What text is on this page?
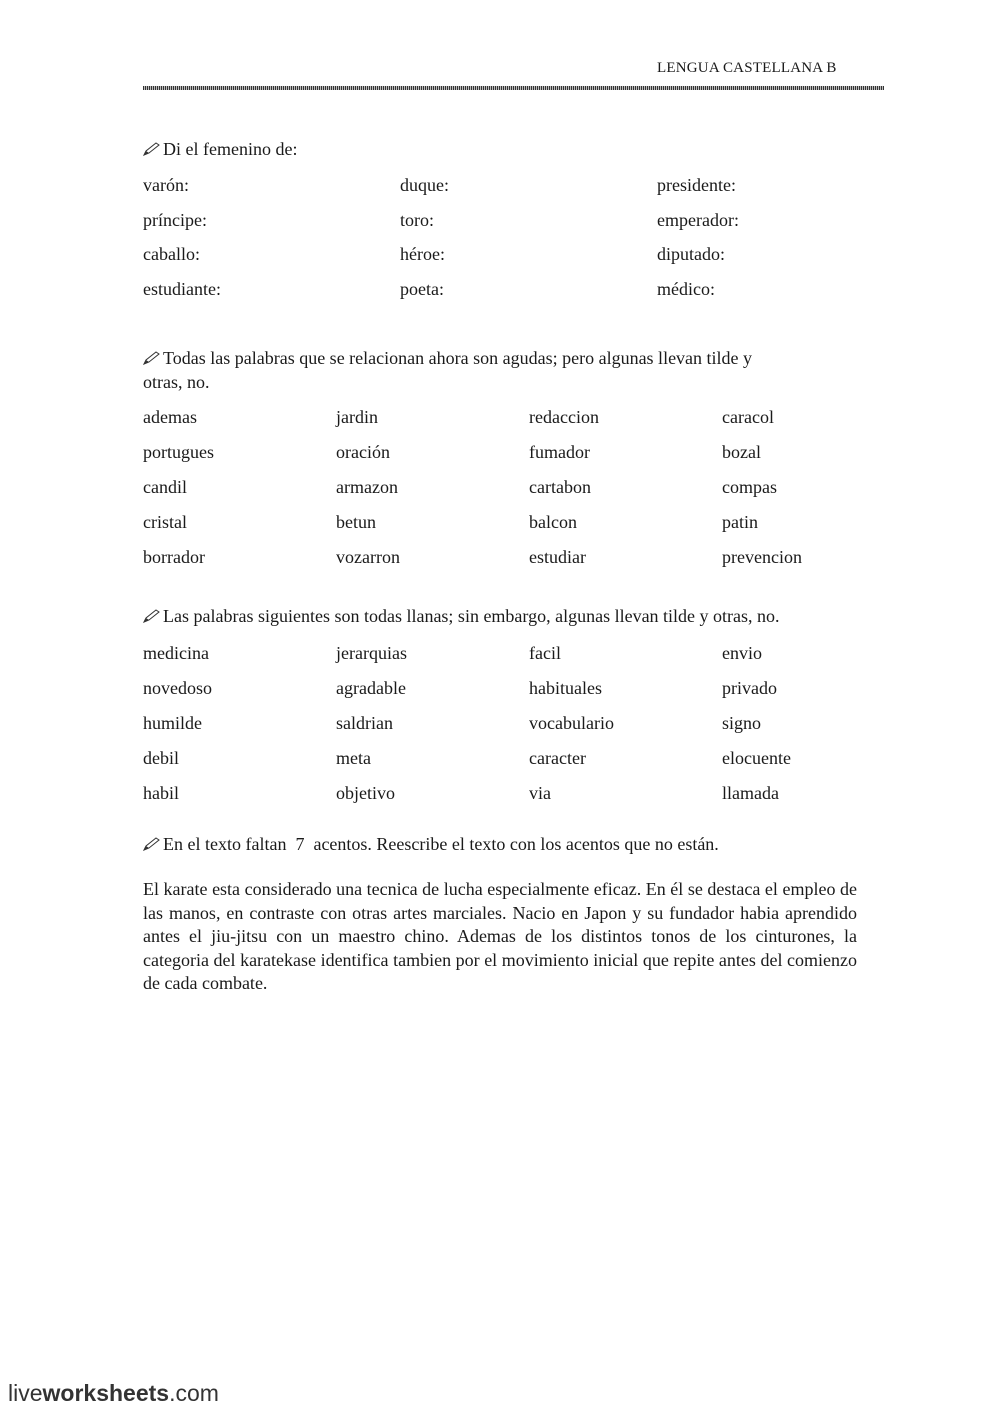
LENGUA CASTELLANA B
Di el femenino de:
varón:	duque:	presidente:
príncipe:	toro:	emperador:
caballo:	héroe:	diputado:
estudiante:	poeta:	médico:
Todas las palabras que se relacionan ahora son agudas; pero algunas llevan tilde y
otras, no.
ademas	jardin	redaccion	caracol
portugues	oración	fumador	bozal
candil	armazon	cartabon	compas
cristal	betun	balcon	patin
borrador	vozarron	estudiar	prevencion
Las palabras siguientes son todas llanas; sin embargo, algunas llevan tilde y otras, no.
medicina	jerarquias	facil	envio
novedoso	agradable	habituales	privado
humilde	saldrian	vocabulario	signo
debil	meta	caracter	elocuente
habil	objetivo	via	llamada
En el texto faltan  7  acentos. Reescribe el texto con los acentos que no están.
El karate esta considerado una tecnica de lucha especialmente eficaz. En él se destaca el empleo de las manos, en contraste con otras artes marciales. Nacio en Japon y su fundador habia aprendido antes el jiu-jitsu con un maestro chino. Ademas de los distintos tonos de los cinturones, la categoria del karatekase identifica tambien por el movimiento inicial que repite antes del comienzo de cada combate.
liveworksheets.com
